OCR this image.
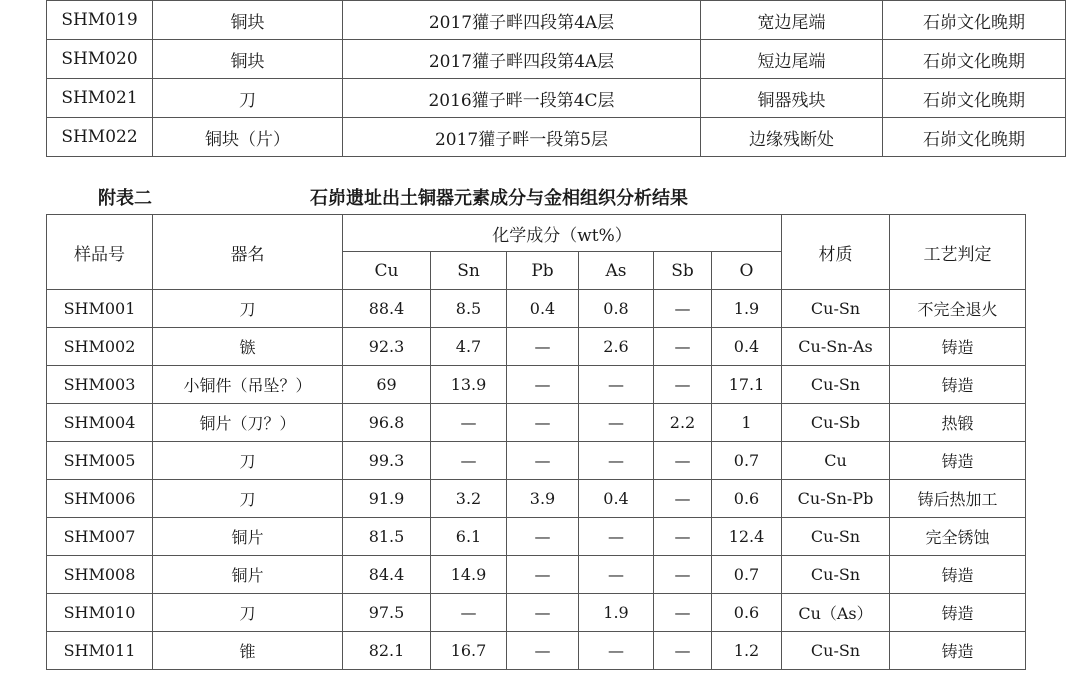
SHM019	铜块	2017獾子畔四段第4A层	宽边尾端	石峁文化晚期
SHM020	铜块	2017獾子畔四段第4A层	短边尾端	石峁文化晚期
SHM021	刀	2016獾子畔一段第4C层	铜器残块	石峁文化晚期
SHM022	铜块（片）	2017獾子畔一段第5层	边缘残断处	石峁文化晚期
附表二	石峁遗址出土铜器元素成分与金相组织分析结果
样品号	器名	化学成分（wt%）						材质	工艺判定
		Cu	Sn	Pb	As	Sb	O		
SHM001	刀	88.4	8.5	0.4	0.8	—	1.9	Cu-Sn	不完全退火
SHM002	镞	92.3	4.7	—	2.6	—	0.4	Cu-Sn-As	铸造
SHM003	小铜件（吊坠？）	69	13.9	—	—	—	17.1	Cu-Sn	铸造
SHM004	铜片（刀？）	96.8	—	—	—	2.2	1	Cu-Sb	热锻
SHM005	刀	99.3	—	—	—	—	0.7	Cu	铸造
SHM006	刀	91.9	3.2	3.9	0.4	—	0.6	Cu-Sn-Pb	铸后热加工
SHM007	铜片	81.5	6.1	—	—	—	12.4	Cu-Sn	完全锈蚀
SHM008	铜片	84.4	14.9	—	—	—	0.7	Cu-Sn	铸造
SHM010	刀	97.5	—	—	1.9	—	0.6	Cu（As）	铸造
SHM011	锥	82.1	16.7	—	—	—	1.2	Cu-Sn	铸造
